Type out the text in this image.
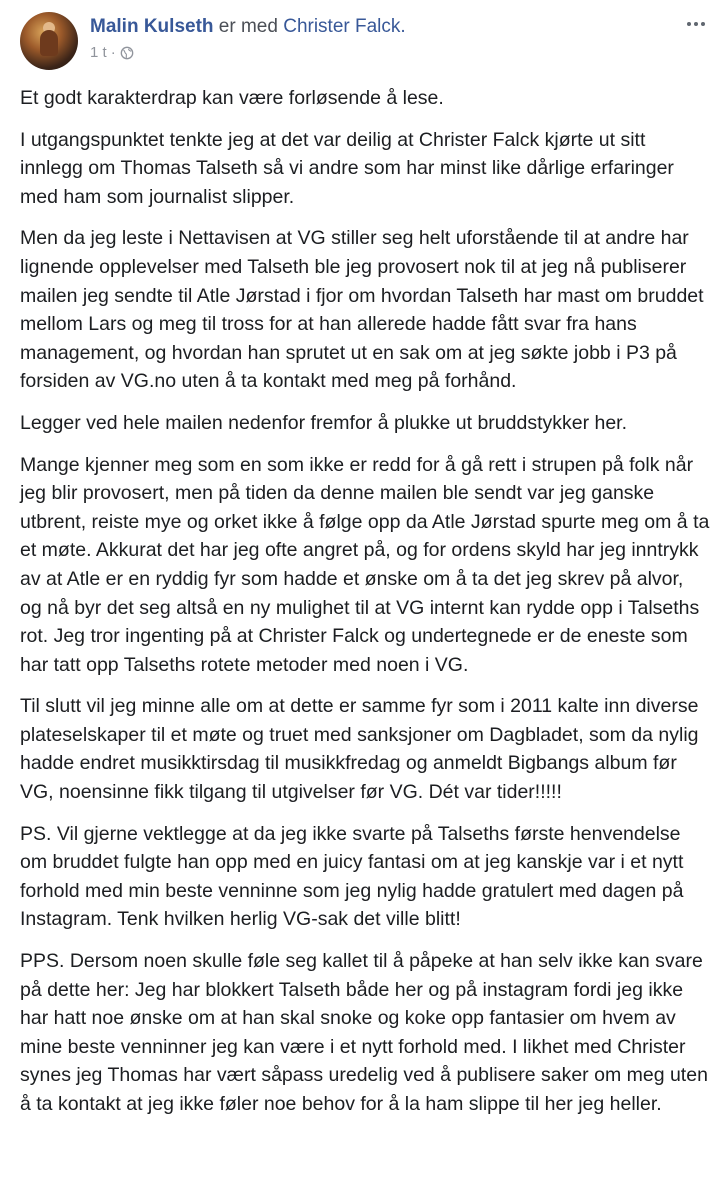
Malin Kulseth er med Christer Falck.
1 t ·

Et godt karakterdrap kan være forløsende å lese.

I utgangspunktet tenkte jeg at det var deilig at Christer Falck kjørte ut sitt innlegg om Thomas Talseth så vi andre som har minst like dårlige erfaringer med ham som journalist slipper.

Men da jeg leste i Nettavisen at VG stiller seg helt uforstående til at andre har lignende opplevelser med Talseth ble jeg provosert nok til at jeg nå publiserer mailen jeg sendte til Atle Jørstad i fjor om hvordan Talseth har mast om bruddet mellom Lars og meg til tross for at han allerede hadde fått svar fra hans management, og hvordan han sprutet ut en sak om at jeg søkte jobb i P3 på forsiden av VG.no uten å ta kontakt med meg på forhånd.

Legger ved hele mailen nedenfor fremfor å plukke ut bruddstykker her.

Mange kjenner meg som en som ikke er redd for å gå rett i strupen på folk når jeg blir provosert, men på tiden da denne mailen ble sendt var jeg ganske utbrent, reiste mye og orket ikke å følge opp da Atle Jørstad spurte meg om å ta et møte. Akkurat det har jeg ofte angret på, og for ordens skyld har jeg inntrykk av at Atle er en ryddig fyr som hadde et ønske om å ta det jeg skrev på alvor, og nå byr det seg altså en ny mulighet til at VG internt kan rydde opp i Talseths rot. Jeg tror ingenting på at Christer Falck og undertegnede er de eneste som har tatt opp Talseths rotete metoder med noen i VG.

Til slutt vil jeg minne alle om at dette er samme fyr som i 2011 kalte inn diverse plateselskaper til et møte og truet med sanksjoner om Dagbladet, som da nylig hadde endret musikktirsdag til musikkfredag og anmeldt Bigbangs album før VG, noensinne fikk tilgang til utgivelser før VG. Dét var tider!!!!!

PS. Vil gjerne vektlegge at da jeg ikke svarte på Talseths første henvendelse om bruddet fulgte han opp med en juicy fantasi om at jeg kanskje var i et nytt forhold med min beste venninne som jeg nylig hadde gratulert med dagen på Instagram. Tenk hvilken herlig VG-sak det ville blitt!

PPS. Dersom noen skulle føle seg kallet til å påpeke at han selv ikke kan svare på dette her: Jeg har blokkert Talseth både her og på instagram fordi jeg ikke har hatt noe ønske om at han skal snoke og koke opp fantasier om hvem av mine beste venninner jeg kan være i et nytt forhold med. I likhet med Christer synes jeg Thomas har vært såpass uredelig ved å publisere saker om meg uten å ta kontakt at jeg ikke føler noe behov for å la ham slippe til her jeg heller.
